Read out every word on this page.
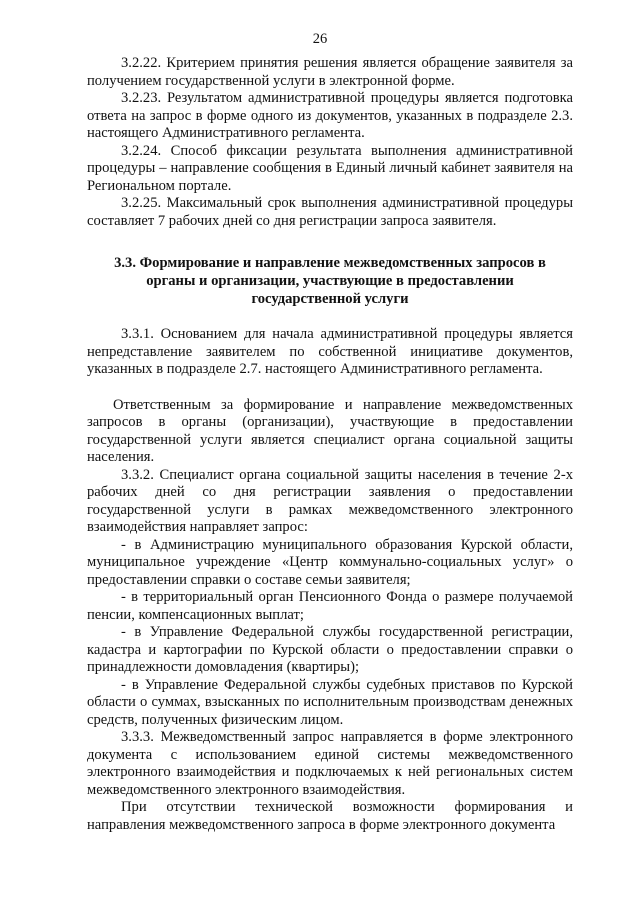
26

3.2.22. Критерием принятия решения является обращение заявителя за получением государственной услуги в электронной форме.

3.2.23. Результатом административной процедуры является подготовка ответа на запрос в форме одного из документов, указанных в подразделе 2.3. настоящего Административного регламента.

3.2.24. Способ фиксации результата выполнения административной процедуры – направление сообщения в Единый личный кабинет заявителя на Региональном портале.

3.2.25. Максимальный срок выполнения административной процедуры составляет 7 рабочих дней со дня регистрации запроса заявителя.

3.3. Формирование и направление межведомственных запросов в органы и организации, участвующие в предоставлении государственной услуги

3.3.1. Основанием для начала административной процедуры является непредставление заявителем по собственной инициативе документов, указанных в подразделе 2.7. настоящего Административного регламента.

Ответственным за формирование и направление межведомственных запросов в органы (организации), участвующие в предоставлении государственной услуги является специалист органа социальной защиты населения.

3.3.2. Специалист органа социальной защиты населения в течение 2-х рабочих дней со дня регистрации заявления о предоставлении государственной услуги в рамках межведомственного электронного взаимодействия направляет запрос:

- в Администрацию муниципального образования Курской области, муниципальное учреждение «Центр коммунально-социальных услуг» о предоставлении справки о составе семьи заявителя;

- в территориальный орган Пенсионного Фонда о размере получаемой пенсии, компенсационных выплат;

- в Управление Федеральной службы государственной регистрации, кадастра и картографии по Курской области о предоставлении справки о принадлежности домовладения (квартиры);

- в Управление Федеральной службы судебных приставов по Курской области о суммах, взысканных по исполнительным производствам денежных средств, полученных физическим лицом.

3.3.3. Межведомственный запрос направляется в форме электронного документа с использованием единой системы межведомственного электронного взаимодействия и подключаемых к ней региональных систем межведомственного электронного взаимодействия.

При отсутствии технической возможности формирования и направления межведомственного запроса в форме электронного документа
